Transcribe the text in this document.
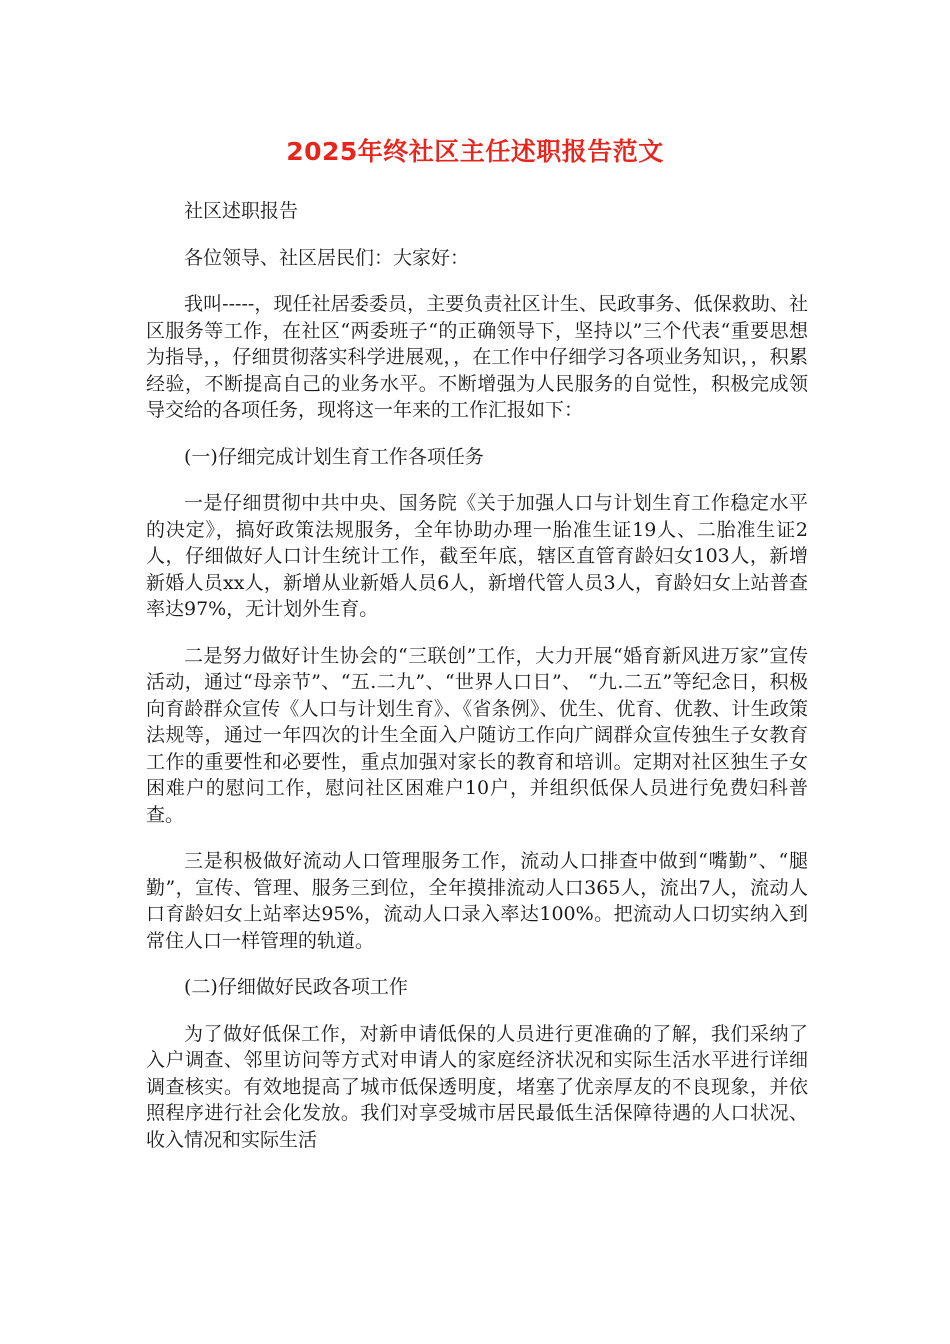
2025年终社区主任述职报告范文

社区述职报告

各位领导、社区居民们：大家好：

我叫-----，现任社居委委员，主要负责社区计生、民政事务、低保救助、社区服务等工作，在社区“两委班子“的正确领导下，坚持以”三个代表“重要思想为指导，，仔细贯彻落实科学进展观，，在工作中仔细学习各项业务知识，，积累经验，不断提高自己的业务水平。不断增强为人民服务的自觉性，积极完成领导交给的各项任务，现将这一年来的工作汇报如下：

(一)仔细完成计划生育工作各项任务

一是仔细贯彻中共中央、国务院《关于加强人口与计划生育工作稳定水平的决定》，搞好政策法规服务，全年协助办理一胎准生证19人、二胎准生证2人，仔细做好人口计生统计工作，截至年底，辖区直管育龄妇女103人，新增新婚人员xx人，新增从业新婚人员6人，新增代管人员3人，育龄妇女上站普查率达97%，无计划外生育。

二是努力做好计生协会的“三联创”工作，大力开展“婚育新风进万家”宣传活动，通过“母亲节”、“五.二九”、“世界人口日”、 “九.二五”等纪念日，积极向育龄群众宣传《人口与计划生育》、《省条例》、优生、优育、优教、计生政策法规等，通过一年四次的计生全面入户随访工作向广阔群众宣传独生子女教育工作的重要性和必要性，重点加强对家长的教育和培训。定期对社区独生子女困难户的慰问工作，慰问社区困难户10户，并组织低保人员进行免费妇科普查。

三是积极做好流动人口管理服务工作，流动人口排查中做到“嘴勤”、“腿勤”，宣传、管理、服务三到位，全年摸排流动人口365人，流出7人，流动人口育龄妇女上站率达95%，流动人口录入率达100%。把流动人口切实纳入到常住人口一样管理的轨道。

(二)仔细做好民政各项工作

为了做好低保工作，对新申请低保的人员进行更准确的了解，我们采纳了入户调查、邻里访问等方式对申请人的家庭经济状况和实际生活水平进行详细调查核实。有效地提高了城市低保透明度，堵塞了优亲厚友的不良现象，并依照程序进行社会化发放。我们对享受城市居民最低生活保障待遇的人口状况、收入情况和实际生活
